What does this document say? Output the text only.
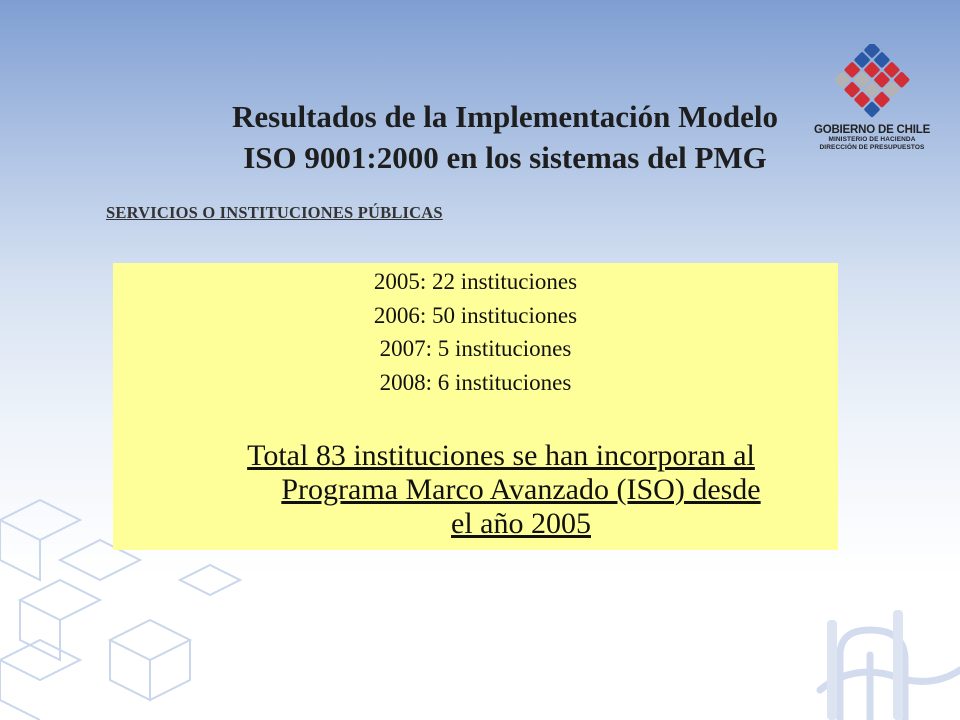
Resultados de la Implementación Modelo
ISO 9001:2000 en los sistemas del PMG
SERVICIOS O INSTITUCIONES PÚBLICAS
GOBIERNO DE CHILE
MINISTERIO DE HACIENDA
DIRECCIÓN DE PRESUPUESTOS
2005: 22 instituciones
2006: 50 instituciones
2007: 5 instituciones
2008: 6 instituciones
Total 83 instituciones se han incorporan al
Programa Marco Avanzado (ISO) desde
el año 2005
